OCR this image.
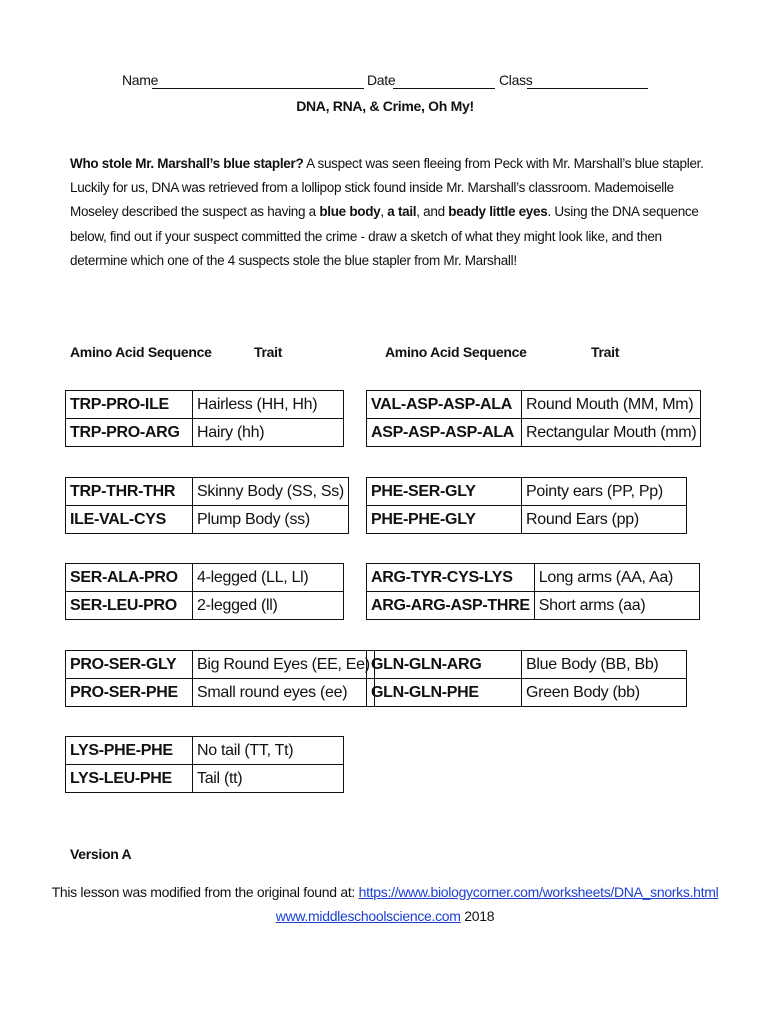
Name	Date	Class
DNA, RNA, & Crime, Oh My!
Who stole Mr. Marshall’s blue stapler? A suspect was seen fleeing from Peck with Mr. Marshall’s blue stapler. Luckily for us, DNA was retrieved from a lollipop stick found inside Mr. Marshall’s classroom. Mademoiselle Moseley described the suspect as having a blue body, a tail, and beady little eyes. Using the DNA sequence below, find out if your suspect committed the crime - draw a sketch of what they might look like, and then determine which one of the 4 suspects stole the blue stapler from Mr. Marshall!
Amino Acid Sequence	Trait	Amino Acid Sequence	Trait
TRP-PRO-ILE	Hairless (HH, Hh)
TRP-PRO-ARG	Hairy (hh)
TRP-THR-THR	Skinny Body (SS, Ss)
ILE-VAL-CYS	Plump Body (ss)
SER-ALA-PRO	4-legged (LL, Ll)
SER-LEU-PRO	2-legged (ll)
PRO-SER-GLY	Big Round Eyes (EE, Ee)
PRO-SER-PHE	Small round eyes (ee)
LYS-PHE-PHE	No tail (TT, Tt)
LYS-LEU-PHE	Tail (tt)
VAL-ASP-ASP-ALA	Round Mouth (MM, Mm)
ASP-ASP-ASP-ALA	Rectangular Mouth (mm)
PHE-SER-GLY	Pointy ears (PP, Pp)
PHE-PHE-GLY	Round Ears (pp)
ARG-TYR-CYS-LYS	Long arms (AA, Aa)
ARG-ARG-ASP-THRE	Short arms (aa)
GLN-GLN-ARG	Blue Body (BB, Bb)
GLN-GLN-PHE	Green Body (bb)
Version A
This lesson was modified from the original found at: https://www.biologycorner.com/worksheets/DNA_snorks.html
www.middleschoolscience.com 2018
